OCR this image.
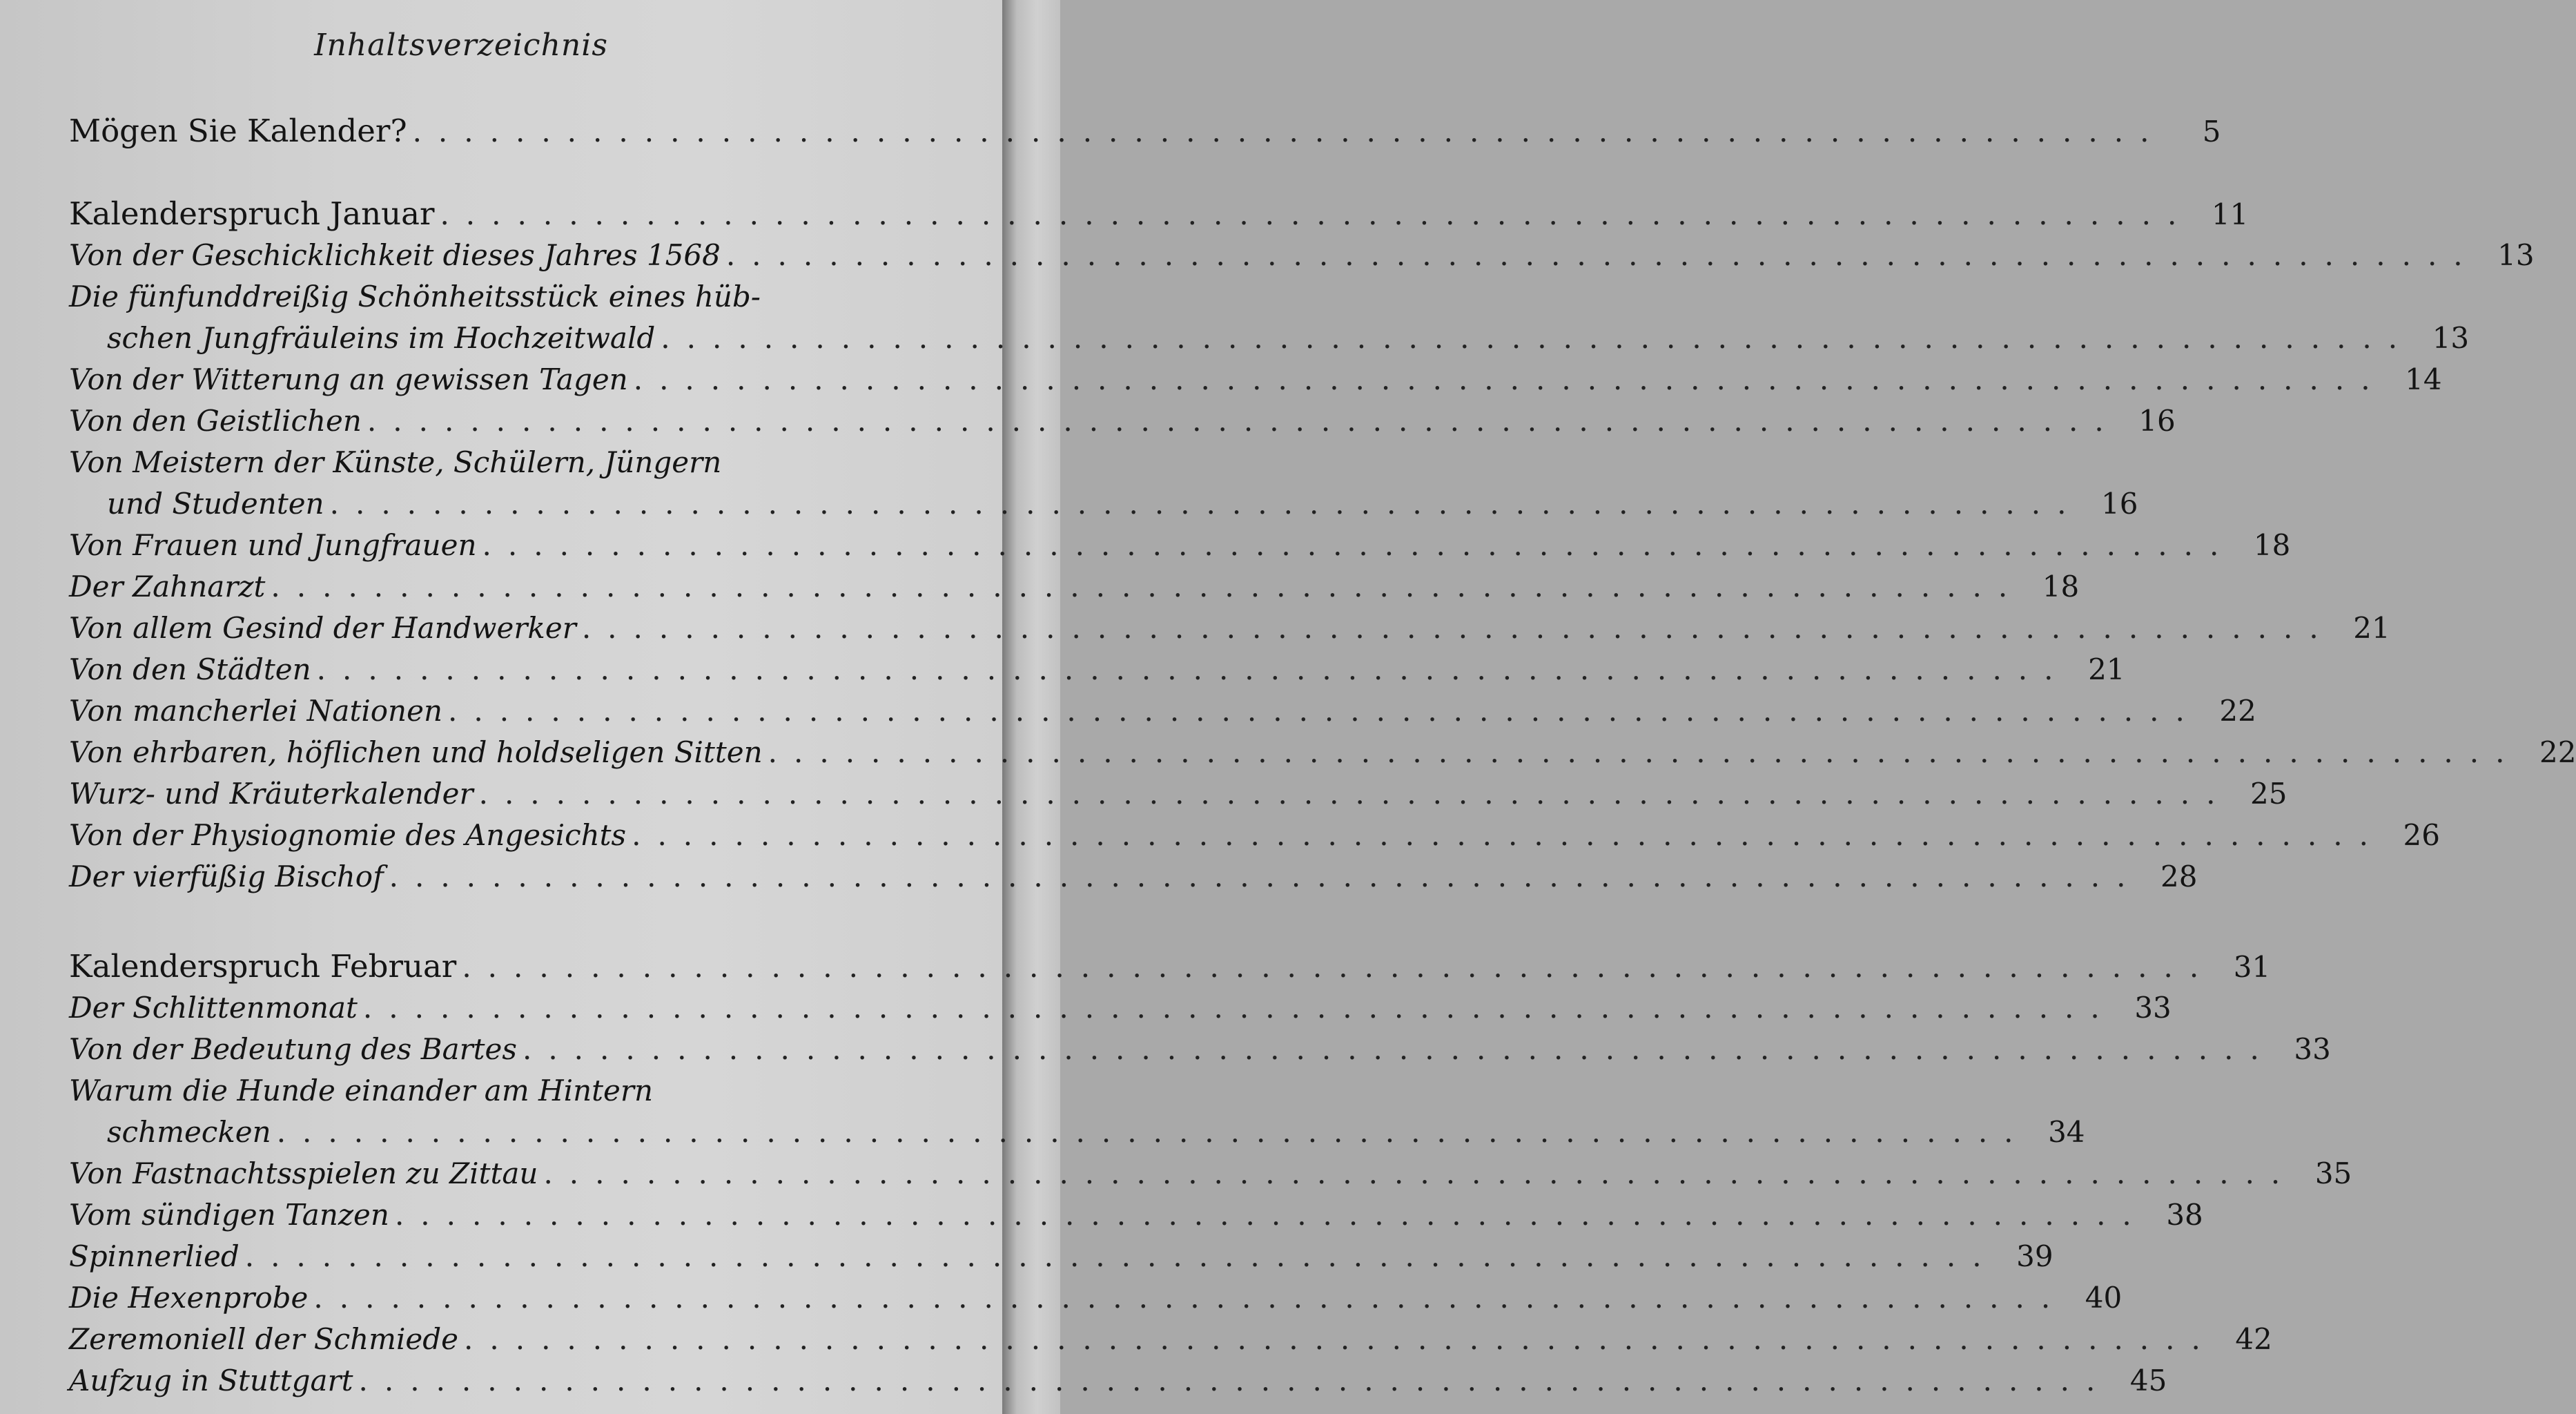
Inhaltsverzeichnis
Mögen Sie Kalender? ....................................................................	5
Kalenderspruch Januar .................................................................... 11
Von der Geschicklichkeit dieses Jahres 1568 .................................................................... 13
Die fünfunddreißig Schönheitsstück eines hüb-
schen Jungfräuleins im Hochzeitwald .................................................................... 13
Von der Witterung an gewissen Tagen .................................................................... 14
Von den Geistlichen .................................................................... 16
Von Meistern der Künste, Schülern, Jüngern
und Studenten .................................................................... 16
Von Frauen und Jungfrauen .................................................................... 18
Der Zahnarzt .................................................................... 18
Von allem Gesind der Handwerker .................................................................... 21
Von den Städten .................................................................... 21
Von mancherlei Nationen .................................................................... 22
Von ehrbaren, höflichen und holdseligen Sitten .................................................................... 22
Wurz- und Kräuterkalender .................................................................... 25
Von der Physiognomie des Angesichts .................................................................... 26
Der vierfüßig Bischof .................................................................... 28
Kalenderspruch Februar .................................................................... 31
Der Schlittenmonat .................................................................... 33
Von der Bedeutung des Bartes .................................................................... 33
Warum die Hunde einander am Hintern
schmecken .................................................................... 34
Von Fastnachtsspielen zu Zittau .................................................................... 35
Vom sündigen Tanzen .................................................................... 38
Spinnerlied .................................................................... 39
Die Hexenprobe .................................................................... 40
Zeremoniell der Schmiede .................................................................... 42
Aufzug in Stuttgart .................................................................... 45
